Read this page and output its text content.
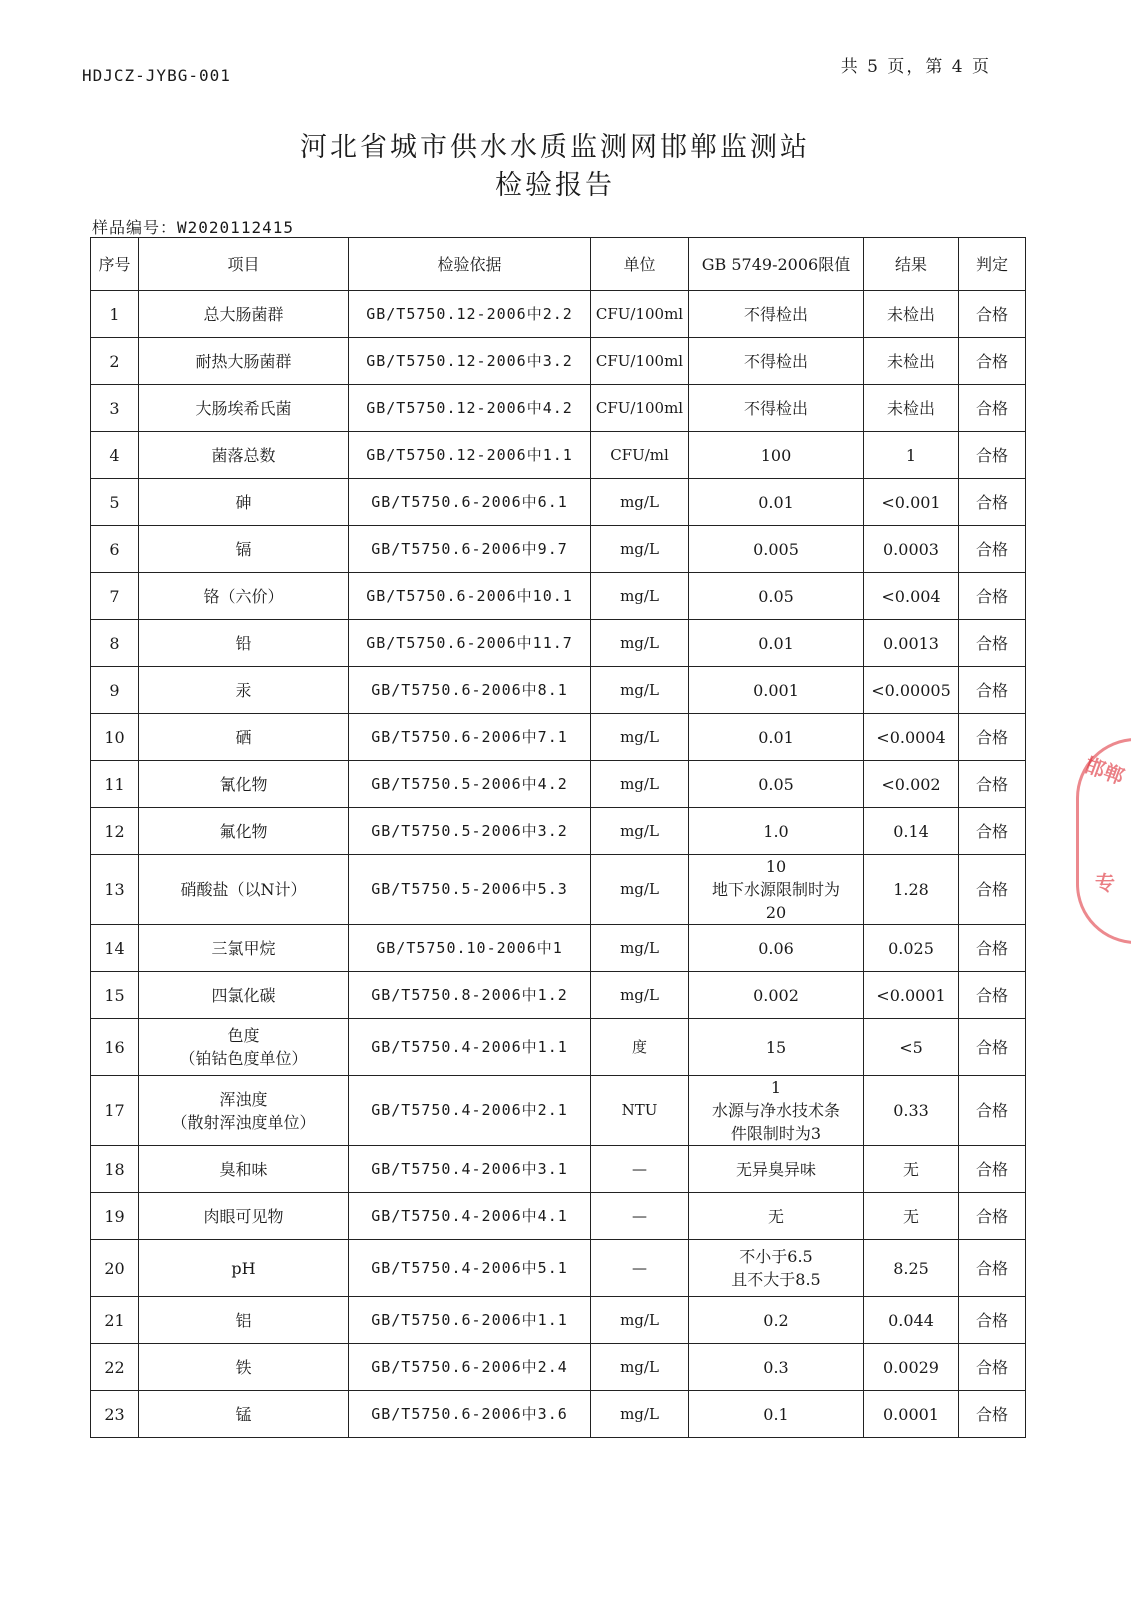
HDJCZ-JYBG-001	共 5 页，第 4 页
河北省城市供水水质监测网邯郸监测站
检验报告
样品编号：W2020112415
序号	项目	检验依据	单位	GB 5749-2006限值	结果	判定
1	总大肠菌群	GB/T5750.12-2006中2.2	CFU/100ml	不得检出	未检出	合格
2	耐热大肠菌群	GB/T5750.12-2006中3.2	CFU/100ml	不得检出	未检出	合格
3	大肠埃希氏菌	GB/T5750.12-2006中4.2	CFU/100ml	不得检出	未检出	合格
4	菌落总数	GB/T5750.12-2006中1.1	CFU/ml	100	1	合格
5	砷	GB/T5750.6-2006中6.1	mg/L	0.01	<0.001	合格
6	镉	GB/T5750.6-2006中9.7	mg/L	0.005	0.0003	合格
7	铬（六价）	GB/T5750.6-2006中10.1	mg/L	0.05	<0.004	合格
8	铅	GB/T5750.6-2006中11.7	mg/L	0.01	0.0013	合格
9	汞	GB/T5750.6-2006中8.1	mg/L	0.001	<0.00005	合格
10	硒	GB/T5750.6-2006中7.1	mg/L	0.01	<0.0004	合格
11	氰化物	GB/T5750.5-2006中4.2	mg/L	0.05	<0.002	合格
12	氟化物	GB/T5750.5-2006中3.2	mg/L	1.0	0.14	合格
13	硝酸盐（以N计）	GB/T5750.5-2006中5.3	mg/L	10
地下水源限制时为
20	1.28	合格
14	三氯甲烷	GB/T5750.10-2006中1	mg/L	0.06	0.025	合格
15	四氯化碳	GB/T5750.8-2006中1.2	mg/L	0.002	<0.0001	合格
16	色度
（铂钴色度单位）	GB/T5750.4-2006中1.1	度	15	<5	合格
17	浑浊度
（散射浑浊度单位）	GB/T5750.4-2006中2.1	NTU	1
水源与净水技术条
件限制时为3	0.33	合格
18	臭和味	GB/T5750.4-2006中3.1	—	无异臭异味	无	合格
19	肉眼可见物	GB/T5750.4-2006中4.1	—	无	无	合格
20	pH	GB/T5750.4-2006中5.1	—	不小于6.5
且不大于8.5	8.25	合格
21	铝	GB/T5750.6-2006中1.1	mg/L	0.2	0.044	合格
22	铁	GB/T5750.6-2006中2.4	mg/L	0.3	0.0029	合格
23	锰	GB/T5750.6-2006中3.6	mg/L	0.1	0.0001	合格
邯郸
专
